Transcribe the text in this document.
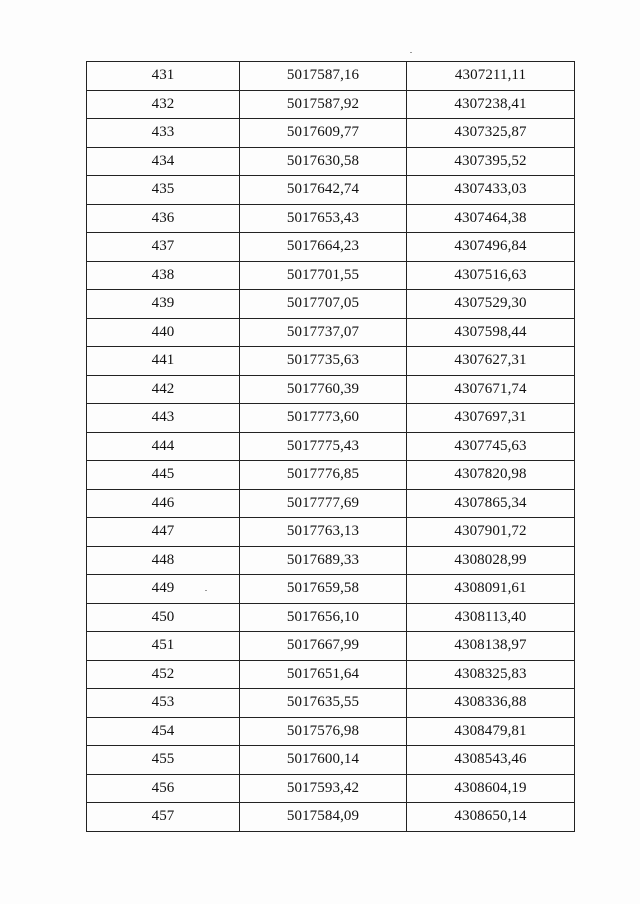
431	5017587,16	4307211,11
432	5017587,92	4307238,41
433	5017609,77	4307325,87
434	5017630,58	4307395,52
435	5017642,74	4307433,03
436	5017653,43	4307464,38
437	5017664,23	4307496,84
438	5017701,55	4307516,63
439	5017707,05	4307529,30
440	5017737,07	4307598,44
441	5017735,63	4307627,31
442	5017760,39	4307671,74
443	5017773,60	4307697,31
444	5017775,43	4307745,63
445	5017776,85	4307820,98
446	5017777,69	4307865,34
447	5017763,13	4307901,72
448	5017689,33	4308028,99
449	5017659,58	4308091,61
450	5017656,10	4308113,40
451	5017667,99	4308138,97
452	5017651,64	4308325,83
453	5017635,55	4308336,88
454	5017576,98	4308479,81
455	5017600,14	4308543,46
456	5017593,42	4308604,19
457	5017584,09	4308650,14
